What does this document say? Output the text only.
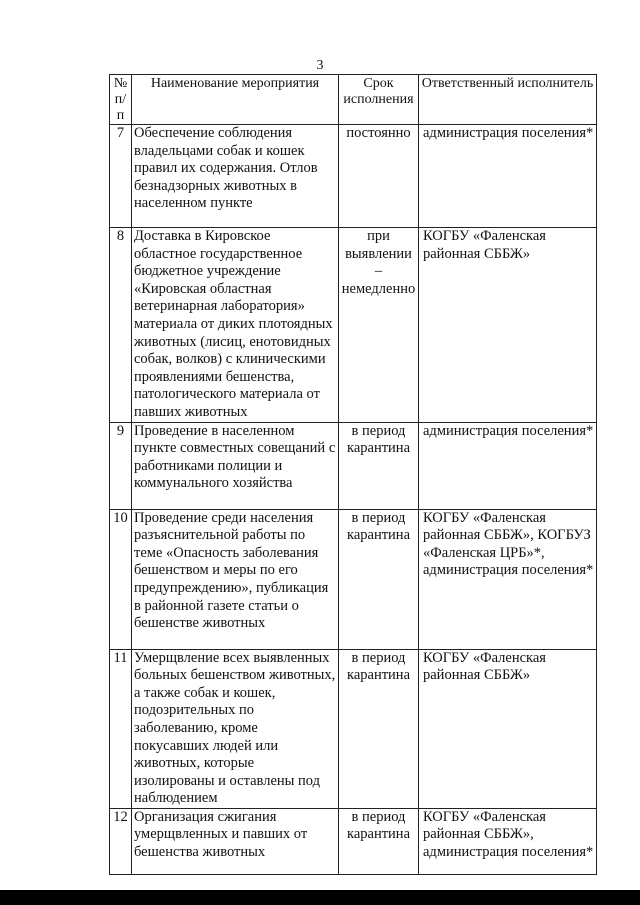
3
№ п/п	Наименование мероприятия	Срок исполнения	Ответственный исполнитель
7	Обеспечение соблюдения владельцами собак и кошек правил их содержания. Отлов безнадзорных животных в населенном пункте	постоянно	администрация поселения*
8	Доставка в Кировское областное государственное бюджетное учреждение «Кировская областная ветеринарная лаборатория» материала от диких плотоядных животных (лисиц, енотовидных собак, волков) с клиническими проявлениями бешенства, патологического материала от павших животных	при выявлении – немедленно	КОГБУ «Фаленская районная СББЖ»
9	Проведение в населенном пункте совместных совещаний с работниками полиции и коммунального хозяйства	в период карантина	администрация поселения*
10	Проведение среди населения разъяснительной работы по теме «Опасность заболевания бешенством и меры по его предупреждению», публикация в районной газете статьи о бешенстве животных	в период карантина	КОГБУ «Фаленская районная СББЖ», КОГБУЗ «Фаленская ЦРБ»*, администрация поселения*
11	Умерщвление всех выявленных больных бешенством животных, а также собак и кошек, подозрительных по заболеванию, кроме покусавших людей или животных, которые изолированы и оставлены под наблюдением	в период карантина	КОГБУ «Фаленская районная СББЖ»
12	Организация сжигания умерщвленных и павших от бешенства животных	в период карантина	КОГБУ «Фаленская районная СББЖ», администрация поселения*
